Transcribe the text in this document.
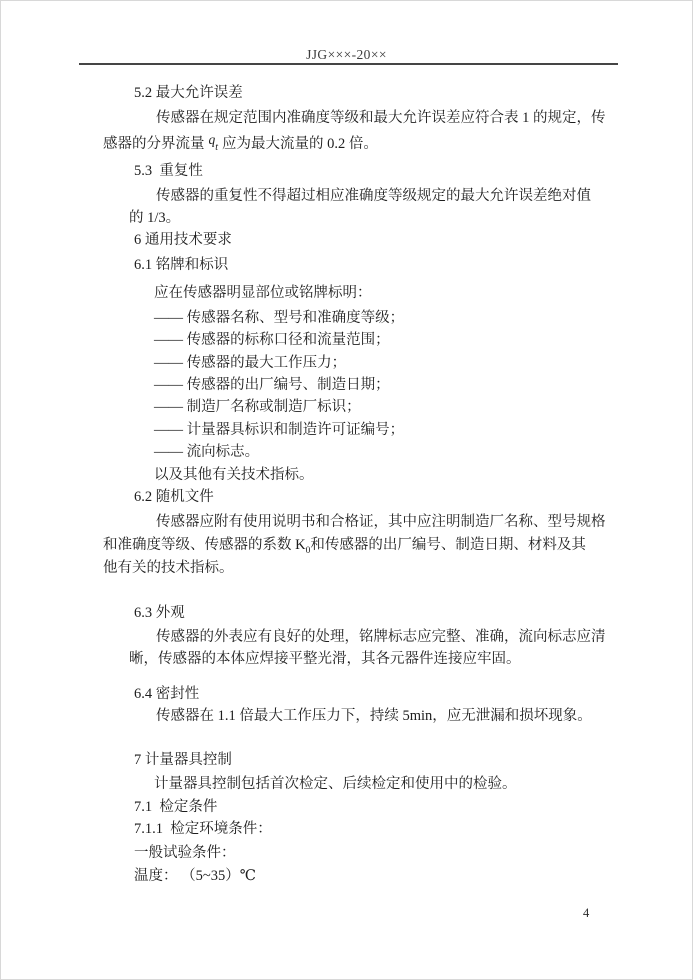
JJG×××-20××
5.2 最大允许误差
传感器在规定范围内准确度等级和最大允许误差应符合表 1 的规定，传
感器的分界流量 $q_t$ 应为最大流量的 0.2 倍。
5.3  重复性
传感器的重复性不得超过相应准确度等级规定的最大允许误差绝对值
的 1/3。
6 通用技术要求
6.1 铭牌和标识
应在传感器明显部位或铭牌标明：
—— 传感器名称、型号和准确度等级；
—— 传感器的标称口径和流量范围；
—— 传感器的最大工作压力；
—— 传感器的出厂编号、制造日期；
—— 制造厂名称或制造厂标识；
—— 计量器具标识和制造许可证编号；
—— 流向标志。
以及其他有关技术指标。
6.2 随机文件
传感器应附有使用说明书和合格证，其中应注明制造厂名称、型号规格
和准确度等级、传感器的系数 $K_0$和传感器的出厂编号、制造日期、材料及其
他有关的技术指标。
6.3 外观
传感器的外表应有良好的处理，铭牌标志应完整、准确，流向标志应清
晰，传感器的本体应焊接平整光滑，其各元器件连接应牢固。
6.4 密封性
传感器在 1.1 倍最大工作压力下，持续 5min，应无泄漏和损坏现象。
7 计量器具控制
计量器具控制包括首次检定、后续检定和使用中的检验。
7.1  检定条件
7.1.1  检定环境条件：
一般试验条件：
温度： （5~35）℃
4
